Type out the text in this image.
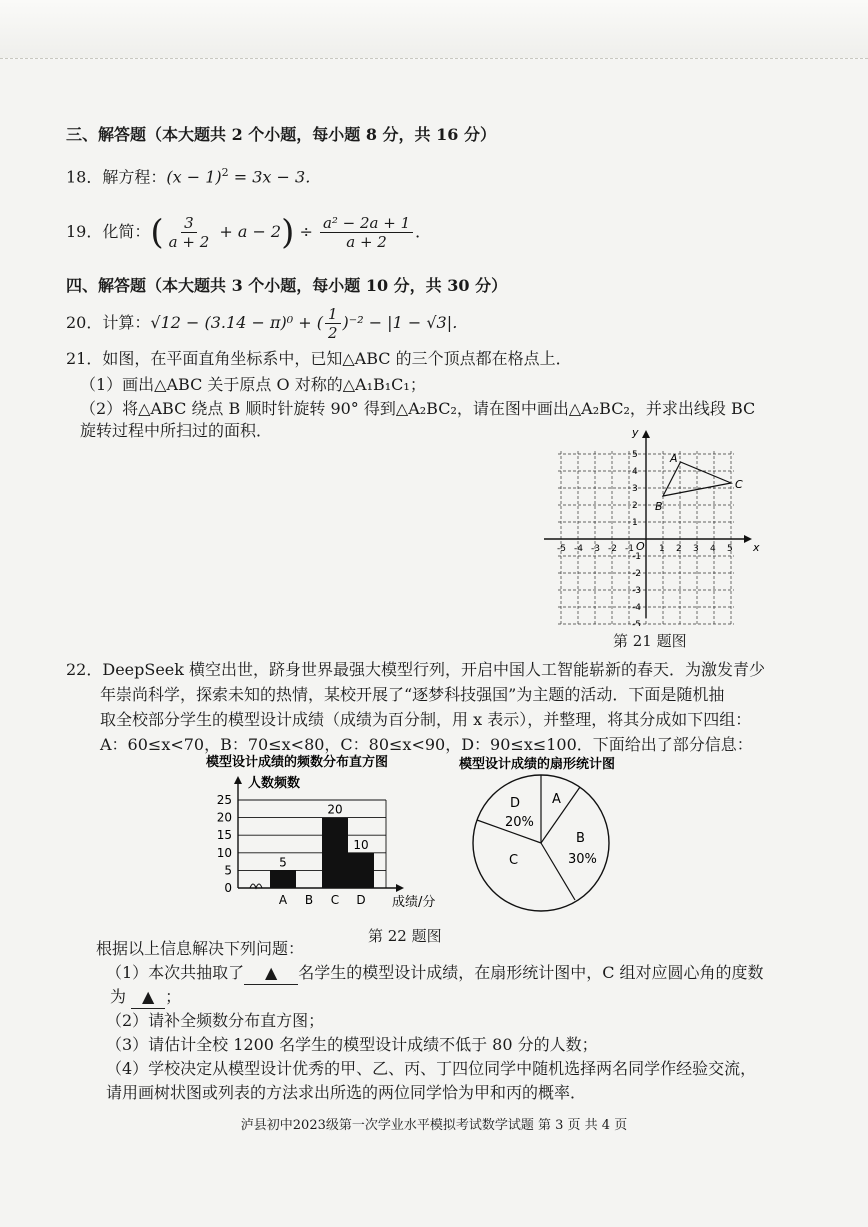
三、解答题（本大题共 2 个小题，每小题 8 分，共 16 分）
18．解方程：$(x - 1)^2 = 3x - 3$．
19．化简：( $\frac{3}{a + 2} + a - 2) \div \frac{\text{a² − 2a + 1}}{a + 2}$ ．
四、解答题（本大题共 3 个小题，每小题 10 分，共 30 分）
20．计算：√12 − (3.14 − π)⁰ + ( $\frac{1}{2} )^{-2} - |1 - √3|$．
21．如图，在平面直角坐标系中，已知△ABC 的三个顶点都在格点上．
（1）画出△ABC 关于原点 O 对称的△A₁B₁C₁；
（2）将△ABC 绕点 B 顺时针旋转 90° 得到△A₂BC₂，请在图中画出△A₂BC₂，并求出线段 BC
旋转过程中所扫过的面积．
-5 -4 -3 -2 -1	1 2 3 4 5
5
4
3
2
1
-1
-2
-3
-4
-5
x
y
O
A
B
C
第 21 题图
22．DeepSeek 横空出世，跻身世界最强大模型行列，开启中国人工智能崭新的春天．为激发青少
年崇尚科学，探索未知的热情，某校开展了“逐梦科技强国”为主题的活动．下面是随机抽
取全校部分学生的模型设计成绩（成绩为百分制，用 x 表示），并整理，将其分成如下四组：
A：60≤x<70，B：70≤x<80，C：80≤x<90，D：90≤x≤100．下面给出了部分信息：
模型设计成绩的频数分布直方图
人数频数
成绩/分
0
5
10
15
20
25
A B C D
5
20
10
模型设计成绩的扇形统计图
A
B
30%
C
D
20%
第 22 题图
根据以上信息解决下列问题：
（1）本次共抽取了 ▲ 名学生的模型设计成绩，在扇形统计图中，C 组对应圆心角的度数
为 ▲ ；
（2）请补全频数分布直方图；
（3）请估计全校 1200 名学生的模型设计成绩不低于 80 分的人数；
（4）学校决定从模型设计优秀的甲、乙、丙、丁四位同学中随机选择两名同学作经验交流，
请用画树状图或列表的方法求出所选的两位同学恰为甲和丙的概率．
泸县初中2023级第一次学业水平模拟考试数学试题 第 3 页 共 4 页
